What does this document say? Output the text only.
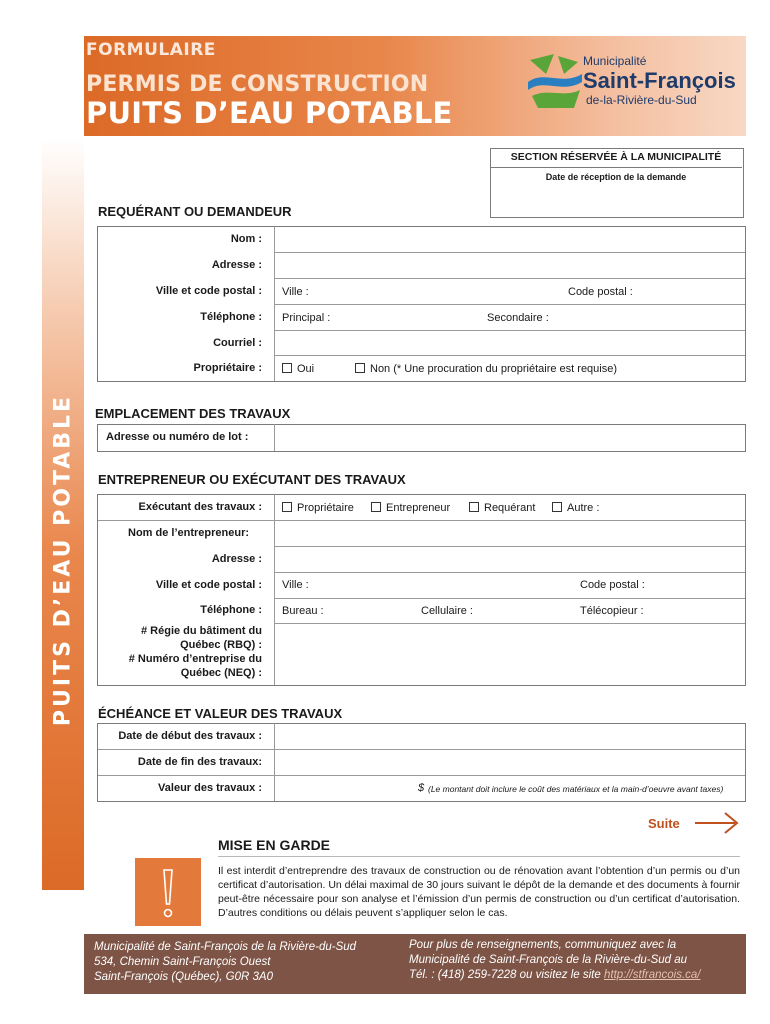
FORMULAIRE
PERMIS DE CONSTRUCTION
PUITS D’EAU POTABLE
Municipalité
Saint-François
de-la-Rivière-du-Sud
PUITS D’EAU POTABLE
SECTION RÉSERVÉE À LA MUNICIPALITÉ
Date de réception de la demande
REQUÉRANT OU DEMANDEUR
Nom :
Adresse :
Ville et code postal : Ville :	Code postal :
Téléphone : Principal :	Secondaire :
Courriel :
Propriétaire :	Oui	Non (* Une procuration du propriétaire est requise)
EMPLACEMENT DES TRAVAUX
Adresse ou numéro de lot :
ENTREPRENEUR OU EXÉCUTANT DES TRAVAUX
Exécutant des travaux :	Propriétaire	Entrepreneur	Requérant	Autre :
Nom de l’entrepreneur:
Adresse :
Ville et code postal : Ville :	Code postal :
Téléphone : Bureau :	Cellulaire :	Télécopieur :
# Régie du bâtiment du
Québec (RBQ) :
# Numéro d’entreprise du
Québec (NEQ) :
ÉCHÉANCE ET VALEUR DES TRAVAUX
Date de début des travaux :
Date de fin des travaux:
Valeur des travaux :	$ (Le montant doit inclure le coût des matériaux et la main-d’oeuvre avant taxes)
Suite
MISE EN GARDE
Il est interdit d’entreprendre des travaux de construction ou de rénovation avant l’obtention d’un permis ou d’un certificat d’autorisation. Un délai maximal de 30 jours suivant le dépôt de la demande et des documents à fournir peut-être nécessaire pour son analyse et l’émission d’un permis de construction ou d’un certificat d’autorisation. D’autres conditions ou délais peuvent s’appliquer selon le cas.
Municipalité de Saint-François de la Rivière-du-Sud
534, Chemin Saint-François Ouest
Saint-François (Québec), G0R 3A0
Pour plus de renseignements, communiquez avec la
Municipalité de Saint-François de la Rivière-du-Sud au
Tél. : (418) 259-7228 ou visitez le site http://stfrancois.ca/
